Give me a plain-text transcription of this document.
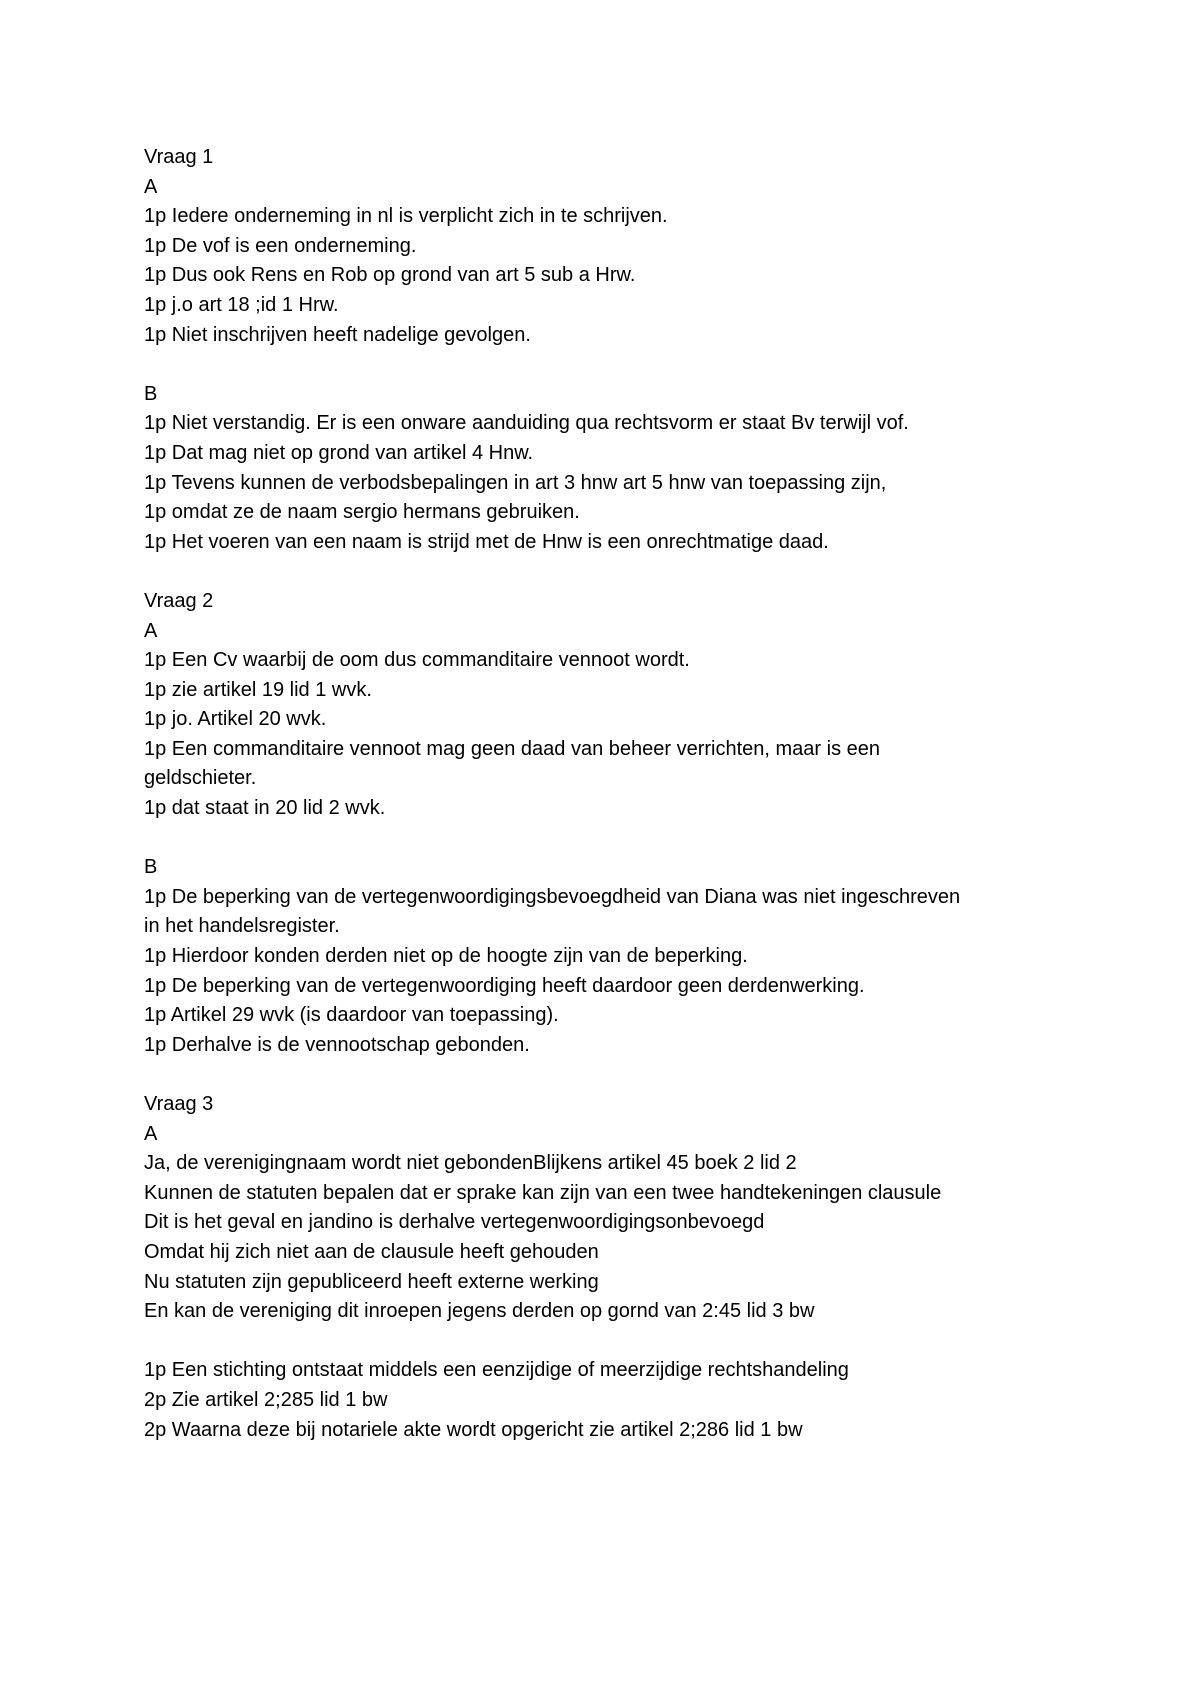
Vraag 1

A

1p Iedere onderneming in nl is verplicht zich in te schrijven.

1p De vof is een onderneming.

1p Dus ook Rens en Rob op grond van art 5 sub a Hrw.

1p j.o art 18 ;id 1 Hrw.

1p Niet inschrijven heeft nadelige gevolgen.

B

1p Niet verstandig. Er is een onware aanduiding qua rechtsvorm er staat Bv terwijl vof.

1p Dat mag niet op grond van artikel 4 Hnw.

1p Tevens kunnen de verbodsbepalingen in art 3 hnw art 5 hnw van toepassing zijn,

1p omdat ze de naam sergio hermans gebruiken.

1p Het voeren van een naam is strijd met de Hnw is een onrechtmatige daad.

Vraag 2

A

1p Een Cv waarbij de oom dus commanditaire vennoot wordt.

1p zie artikel 19 lid 1 wvk.

1p jo. Artikel 20 wvk.

1p Een commanditaire vennoot mag geen daad van beheer verrichten, maar is een

geldschieter.

1p dat staat in 20 lid 2 wvk.

B

1p De beperking van de vertegenwoordigingsbevoegdheid van Diana was niet ingeschreven

in het handelsregister.

1p Hierdoor konden derden niet op de hoogte zijn van de beperking.

1p De beperking van de vertegenwoordiging heeft daardoor geen derdenwerking.

1p Artikel 29 wvk (is daardoor van toepassing).

1p Derhalve is de vennootschap gebonden.

Vraag 3

A

Ja, de verenigingnaam wordt niet gebondenBlijkens artikel 45 boek 2 lid 2

Kunnen de statuten bepalen dat er sprake kan zijn van een twee handtekeningen clausule

Dit is het geval en jandino is derhalve vertegenwoordigingsonbevoegd

Omdat hij zich niet aan de clausule heeft gehouden

Nu statuten zijn gepubliceerd heeft externe werking

En kan de vereniging dit inroepen jegens derden op gornd van 2:45 lid 3 bw

1p Een stichting ontstaat middels een eenzijdige of meerzijdige rechtshandeling

2p Zie artikel 2;285 lid 1 bw

2p Waarna deze bij notariele akte wordt opgericht zie artikel 2;286 lid 1 bw
